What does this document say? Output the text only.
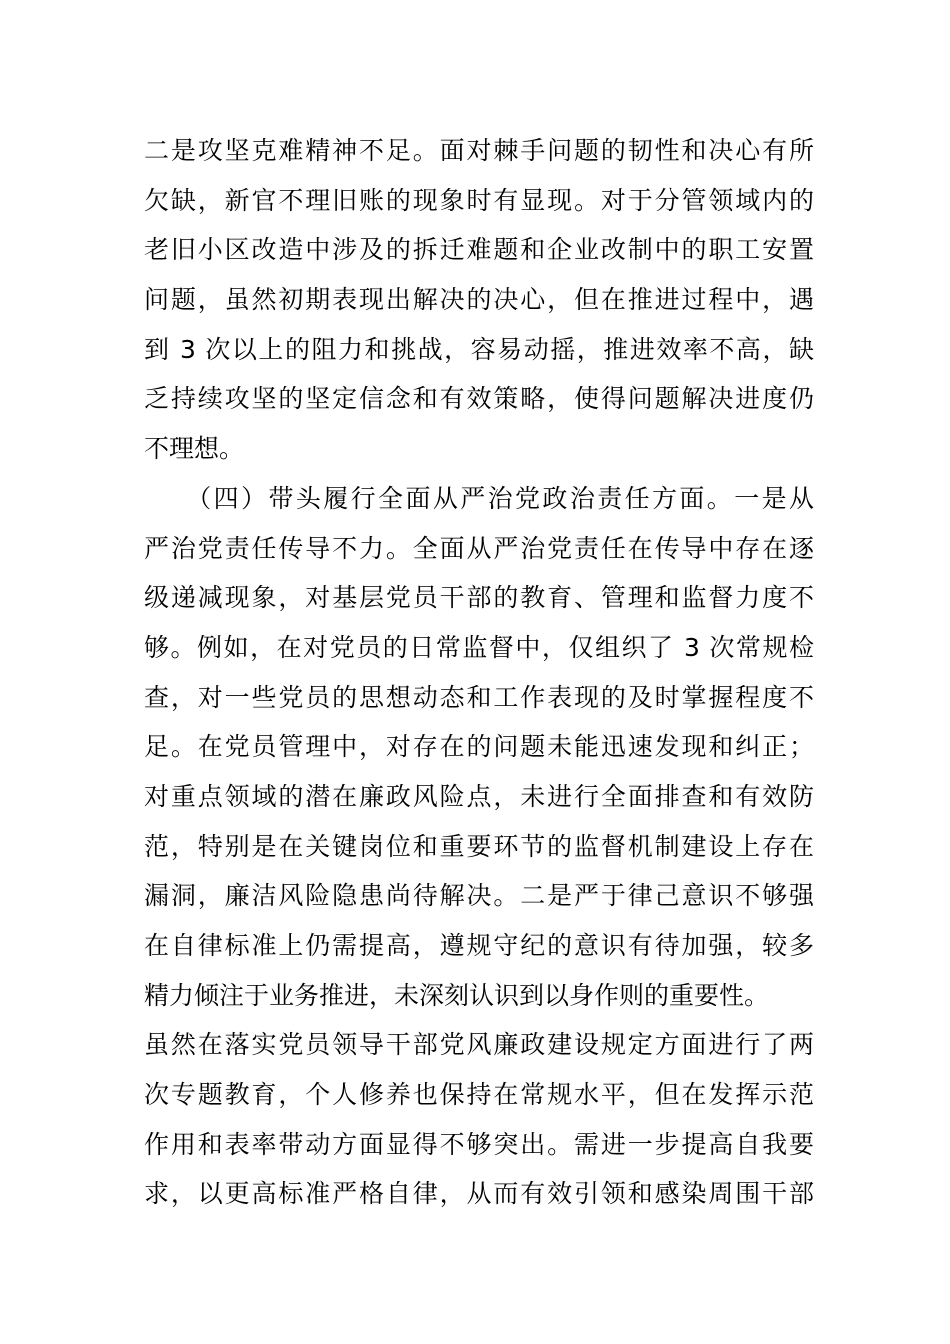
二是攻坚克难精神不足。面对棘手问题的韧性和决心有所
欠缺，新官不理旧账的现象时有显现。对于分管领域内的
老旧小区改造中涉及的拆迁难题和企业改制中的职工安置
问题，虽然初期表现出解决的决心，但在推进过程中，遇
到 3 次以上的阻力和挑战，容易动摇，推进效率不高，缺
乏持续攻坚的坚定信念和有效策略，使得问题解决进度仍
不理想。
　　（四）带头履行全面从严治党政治责任方面。一是从
严治党责任传导不力。全面从严治党责任在传导中存在逐
级递减现象，对基层党员干部的教育、管理和监督力度不
够。例如，在对党员的日常监督中，仅组织了 3 次常规检
查，对一些党员的思想动态和工作表现的及时掌握程度不
足。在党员管理中，对存在的问题未能迅速发现和纠正；
对重点领域的潜在廉政风险点，未进行全面排查和有效防
范，特别是在关键岗位和重要环节的监督机制建设上存在
漏洞，廉洁风险隐患尚待解决。二是严于律己意识不够强
在自律标准上仍需提高，遵规守纪的意识有待加强，较多
精力倾注于业务推进，未深刻认识到以身作则的重要性。
虽然在落实党员领导干部党风廉政建设规定方面进行了两
次专题教育，个人修养也保持在常规水平，但在发挥示范
作用和表率带动方面显得不够突出。需进一步提高自我要
求，以更高标准严格自律，从而有效引领和感染周围干部
